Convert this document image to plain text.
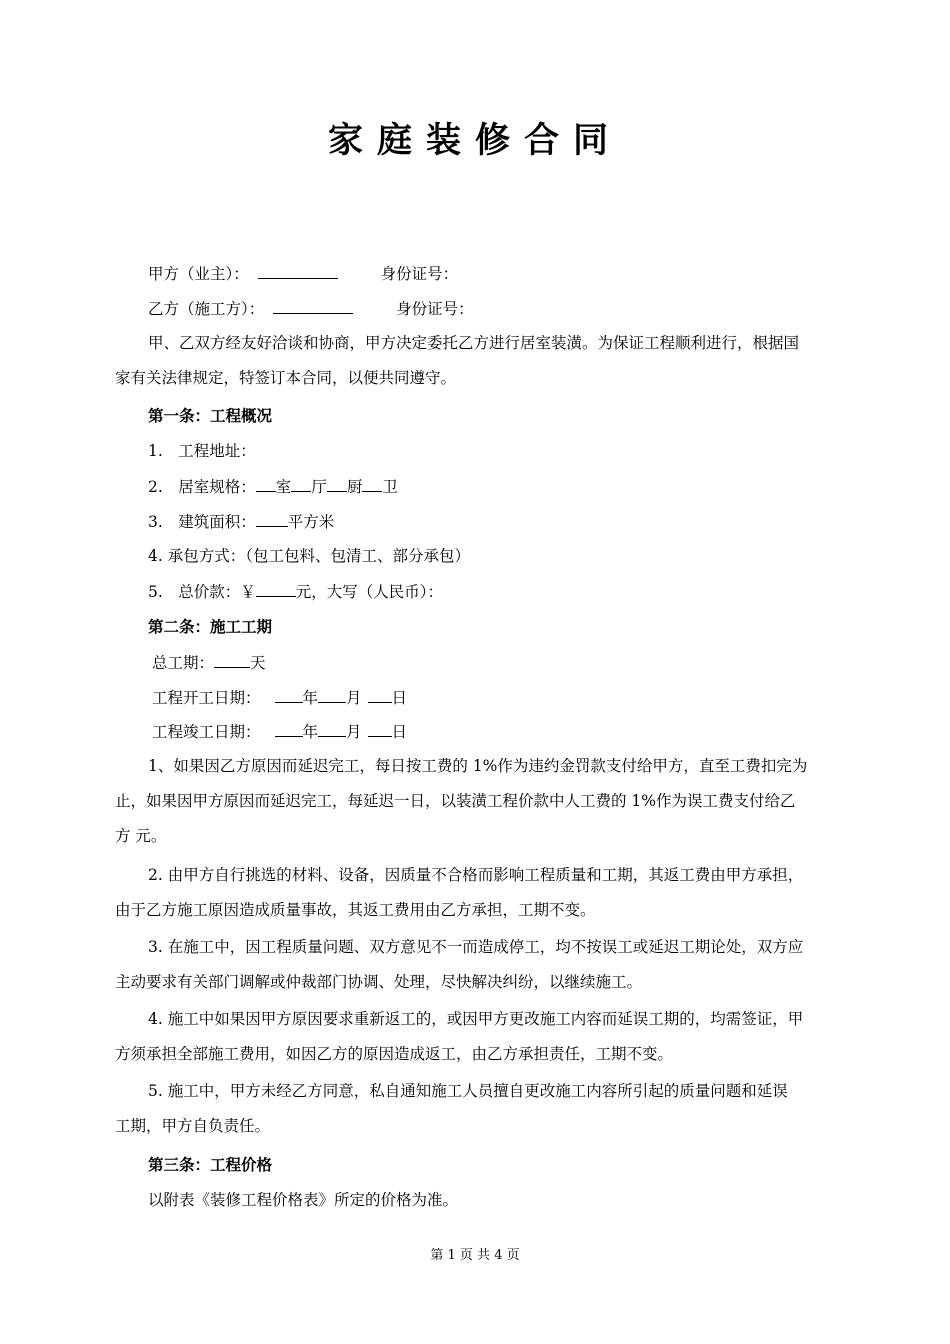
家庭装修合同
甲方（业主）：	身份证号：
乙方（施工方）：	身份证号：
甲、乙双方经友好洽谈和协商，甲方决定委托乙方进行居室装潢。为保证工程顺利进行，根据国
家有关法律规定，特签订本合同，以便共同遵守。
第一条：工程概况
1.　工程地址：
2.　居室规格： 室 厅 厨 卫
3.　建筑面积： 平方米
4. 承包方式：（包工包料、包清工、部分承包）
5.　总价款：￥	元，大写（人民币）：
第二条：施工工期
总工期： 天
工程开工日期：	年 月 日
工程竣工日期：	年 月 日
1、如果因乙方原因而延迟完工，每日按工费的 1%作为违约金罚款支付给甲方，直至工费扣完为
止，如果因甲方原因而延迟完工，每延迟一日，以装潢工程价款中人工费的 1%作为误工费支付给乙
方 元。
2. 由甲方自行挑选的材料、设备，因质量不合格而影响工程质量和工期，其返工费由甲方承担，
由于乙方施工原因造成质量事故，其返工费用由乙方承担，工期不变。
3. 在施工中，因工程质量问题、双方意见不一而造成停工，均不按误工或延迟工期论处，双方应
主动要求有关部门调解或仲裁部门协调、处理，尽快解决纠纷，以继续施工。
4. 施工中如果因甲方原因要求重新返工的，或因甲方更改施工内容而延误工期的，均需签证，甲
方须承担全部施工费用，如因乙方的原因造成返工，由乙方承担责任，工期不变。
5. 施工中，甲方未经乙方同意，私自通知施工人员擅自更改施工内容所引起的质量问题和延误
工期，甲方自负责任。
第三条：工程价格
以附表《装修工程价格表》所定的价格为准。
第 1 页 共 4 页
